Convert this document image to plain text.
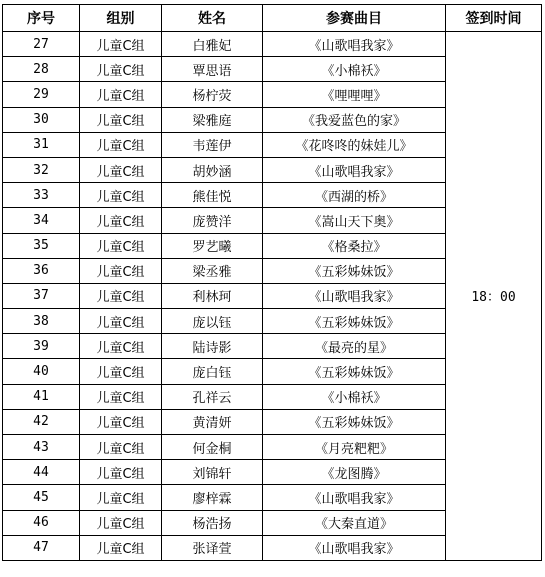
序号	组别	姓名	参赛曲目	签到时间
27	儿童C组	白雅妃	《山歌唱我家》	18：00
28	儿童C组	覃思语	《小棉袄》	
29	儿童C组	杨柠荧	《哩哩哩》	
30	儿童C组	梁雅庭	《我爱蓝色的家》	
31	儿童C组	韦莲伊	《花咚咚的妹娃儿》	
32	儿童C组	胡妙涵	《山歌唱我家》	
33	儿童C组	熊佳悦	《西湖的桥》	
34	儿童C组	庞赞洋	《嵩山天下奥》	
35	儿童C组	罗艺曦	《格桑拉》	
36	儿童C组	梁丞雅	《五彩姊妹饭》	
37	儿童C组	利林珂	《山歌唱我家》	
38	儿童C组	庞以钰	《五彩姊妹饭》	
39	儿童C组	陆诗影	《最亮的星》	
40	儿童C组	庞白钰	《五彩姊妹饭》	
41	儿童C组	孔祥云	《小棉袄》	
42	儿童C组	黄清妍	《五彩姊妹饭》	
43	儿童C组	何金桐	《月亮粑粑》	
44	儿童C组	刘锦轩	《龙图腾》	
45	儿童C组	廖梓霖	《山歌唱我家》	
46	儿童C组	杨浩扬	《大秦直道》	
47	儿童C组	张译萱	《山歌唱我家》	
